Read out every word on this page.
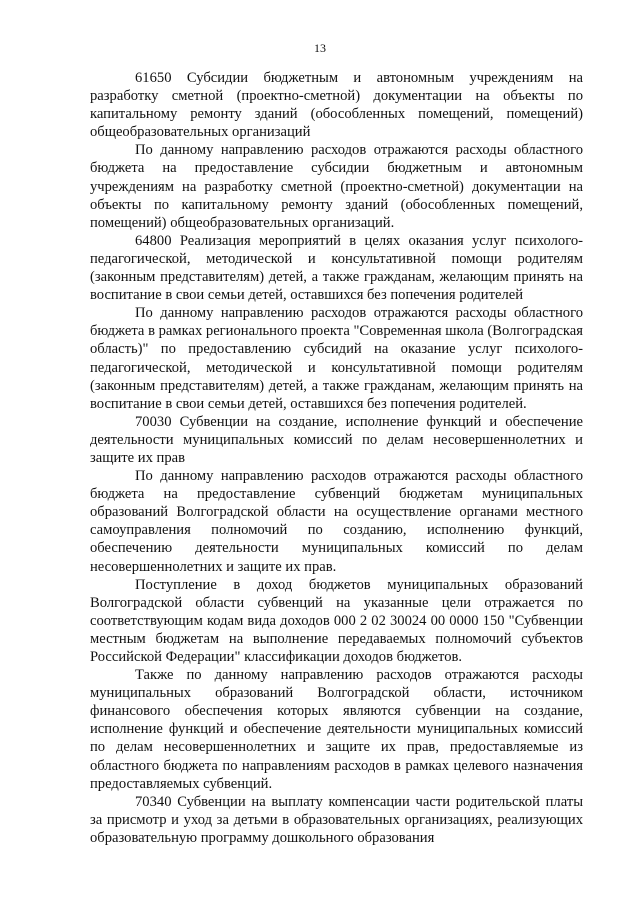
13

61650 Субсидии бюджетным и автономным учреждениям на разработку сметной (проектно-сметной) документации на объекты по капитальному ремонту зданий (обособленных помещений, помещений) общеобразовательных организаций

По данному направлению расходов отражаются расходы областного бюджета на предоставление субсидии бюджетным и автономным учреждениям на разработку сметной (проектно-сметной) документации на объекты по капитальному ремонту зданий (обособленных помещений, помещений) общеобразовательных организаций.

64800 Реализация мероприятий в целях оказания услуг психолого-педагогической, методической и консультативной помощи родителям (законным представителям) детей, а также гражданам, желающим принять на воспитание в свои семьи детей, оставшихся без попечения родителей

По данному направлению расходов отражаются расходы областного бюджета в рамках регионального проекта "Современная школа (Волгоградская область)" по предоставлению субсидий на оказание услуг психолого-педагогической, методической и консультативной помощи родителям (законным представителям) детей, а также гражданам, желающим принять на воспитание в свои семьи детей, оставшихся без попечения родителей.

70030 Субвенции на создание, исполнение функций и обеспечение деятельности муниципальных комиссий по делам несовершеннолетних и защите их прав

По данному направлению расходов отражаются расходы областного бюджета на предоставление субвенций бюджетам муниципальных образований Волгоградской области на осуществление органами местного самоуправления полномочий по созданию, исполнению функций, обеспечению деятельности муниципальных комиссий по делам несовершеннолетних и защите их прав.

Поступление в доход бюджетов муниципальных образований Волгоградской области субвенций на указанные цели отражается по соответствующим кодам вида доходов 000 2 02 30024 00 0000 150 "Субвенции местным бюджетам на выполнение передаваемых полномочий субъектов Российской Федерации" классификации доходов бюджетов.

Также по данному направлению расходов отражаются расходы муниципальных образований Волгоградской области, источником финансового обеспечения которых являются субвенции на создание, исполнение функций и обеспечение деятельности муниципальных комиссий по делам несовершеннолетних и защите их прав, предоставляемые из областного бюджета по направлениям расходов в рамках целевого назначения предоставляемых субвенций.

70340 Субвенции на выплату компенсации части родительской платы за присмотр и уход за детьми в образовательных организациях, реализующих образовательную программу дошкольного образования
